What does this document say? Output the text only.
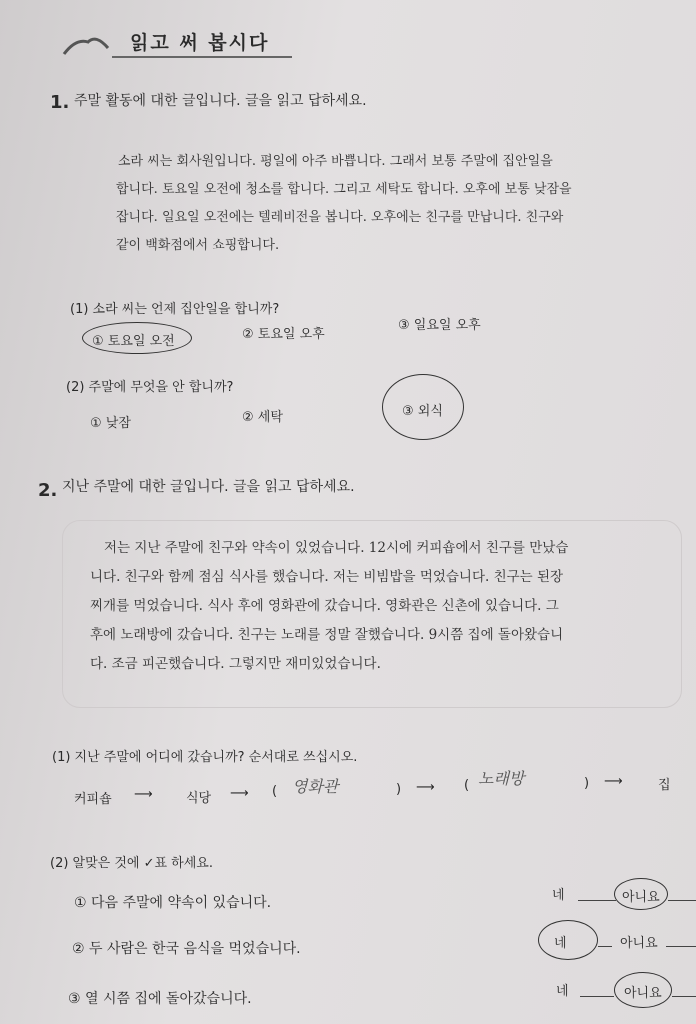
읽고 써 봅시다
1. 주말 활동에 대한 글입니다. 글을 읽고 답하세요.
소라 씨는 회사원입니다. 평일에 아주 바쁩니다. 그래서 보통 주말에 집안일을
합니다. 토요일 오전에 청소를 합니다. 그리고 세탁도 합니다. 오후에 보통 낮잠을
잡니다. 일요일 오전에는 텔레비전을 봅니다. 오후에는 친구를 만납니다. 친구와
같이 백화점에서 쇼핑합니다.
(1) 소라 씨는 언제 집안일을 합니까?
① 토요일 오전	② 토요일 오후
③ 일요일 오후
(2) 주말에 무엇을 안 합니까?
① 낮잠	② 세탁	③ 외식
2. 지난 주말에 대한 글입니다. 글을 읽고 답하세요.
저는 지난 주말에 친구와 약속이 있었습니다. 12시에 커피숍에서 친구를 만났습
니다. 친구와 함께 점심 식사를 했습니다. 저는 비빔밥을 먹었습니다. 친구는 된장
찌개를 먹었습니다. 식사 후에 영화관에 갔습니다. 영화관은 신촌에 있습니다. 그
후에 노래방에 갔습니다. 친구는 노래를 정말 잘했습니다. 9시쯤 집에 돌아왔습니
다. 조금 피곤했습니다. 그렇지만 재미있었습니다.
(1) 지난 주말에 어디에 갔습니까? 순서대로 쓰십시오.
커피숍 ⟶	식당 ⟶ ( 영화관	) ⟶ ( 노래방	) ⟶	집
(2) 알맞은 것에 ✓표 하세요.
① 다음 주말에 약속이 있습니다.	네	아니요
② 두 사람은 한국 음식을 먹었습니다.	네	아니요
③ 열 시쯤 집에 돌아갔습니다.	네	아니요
